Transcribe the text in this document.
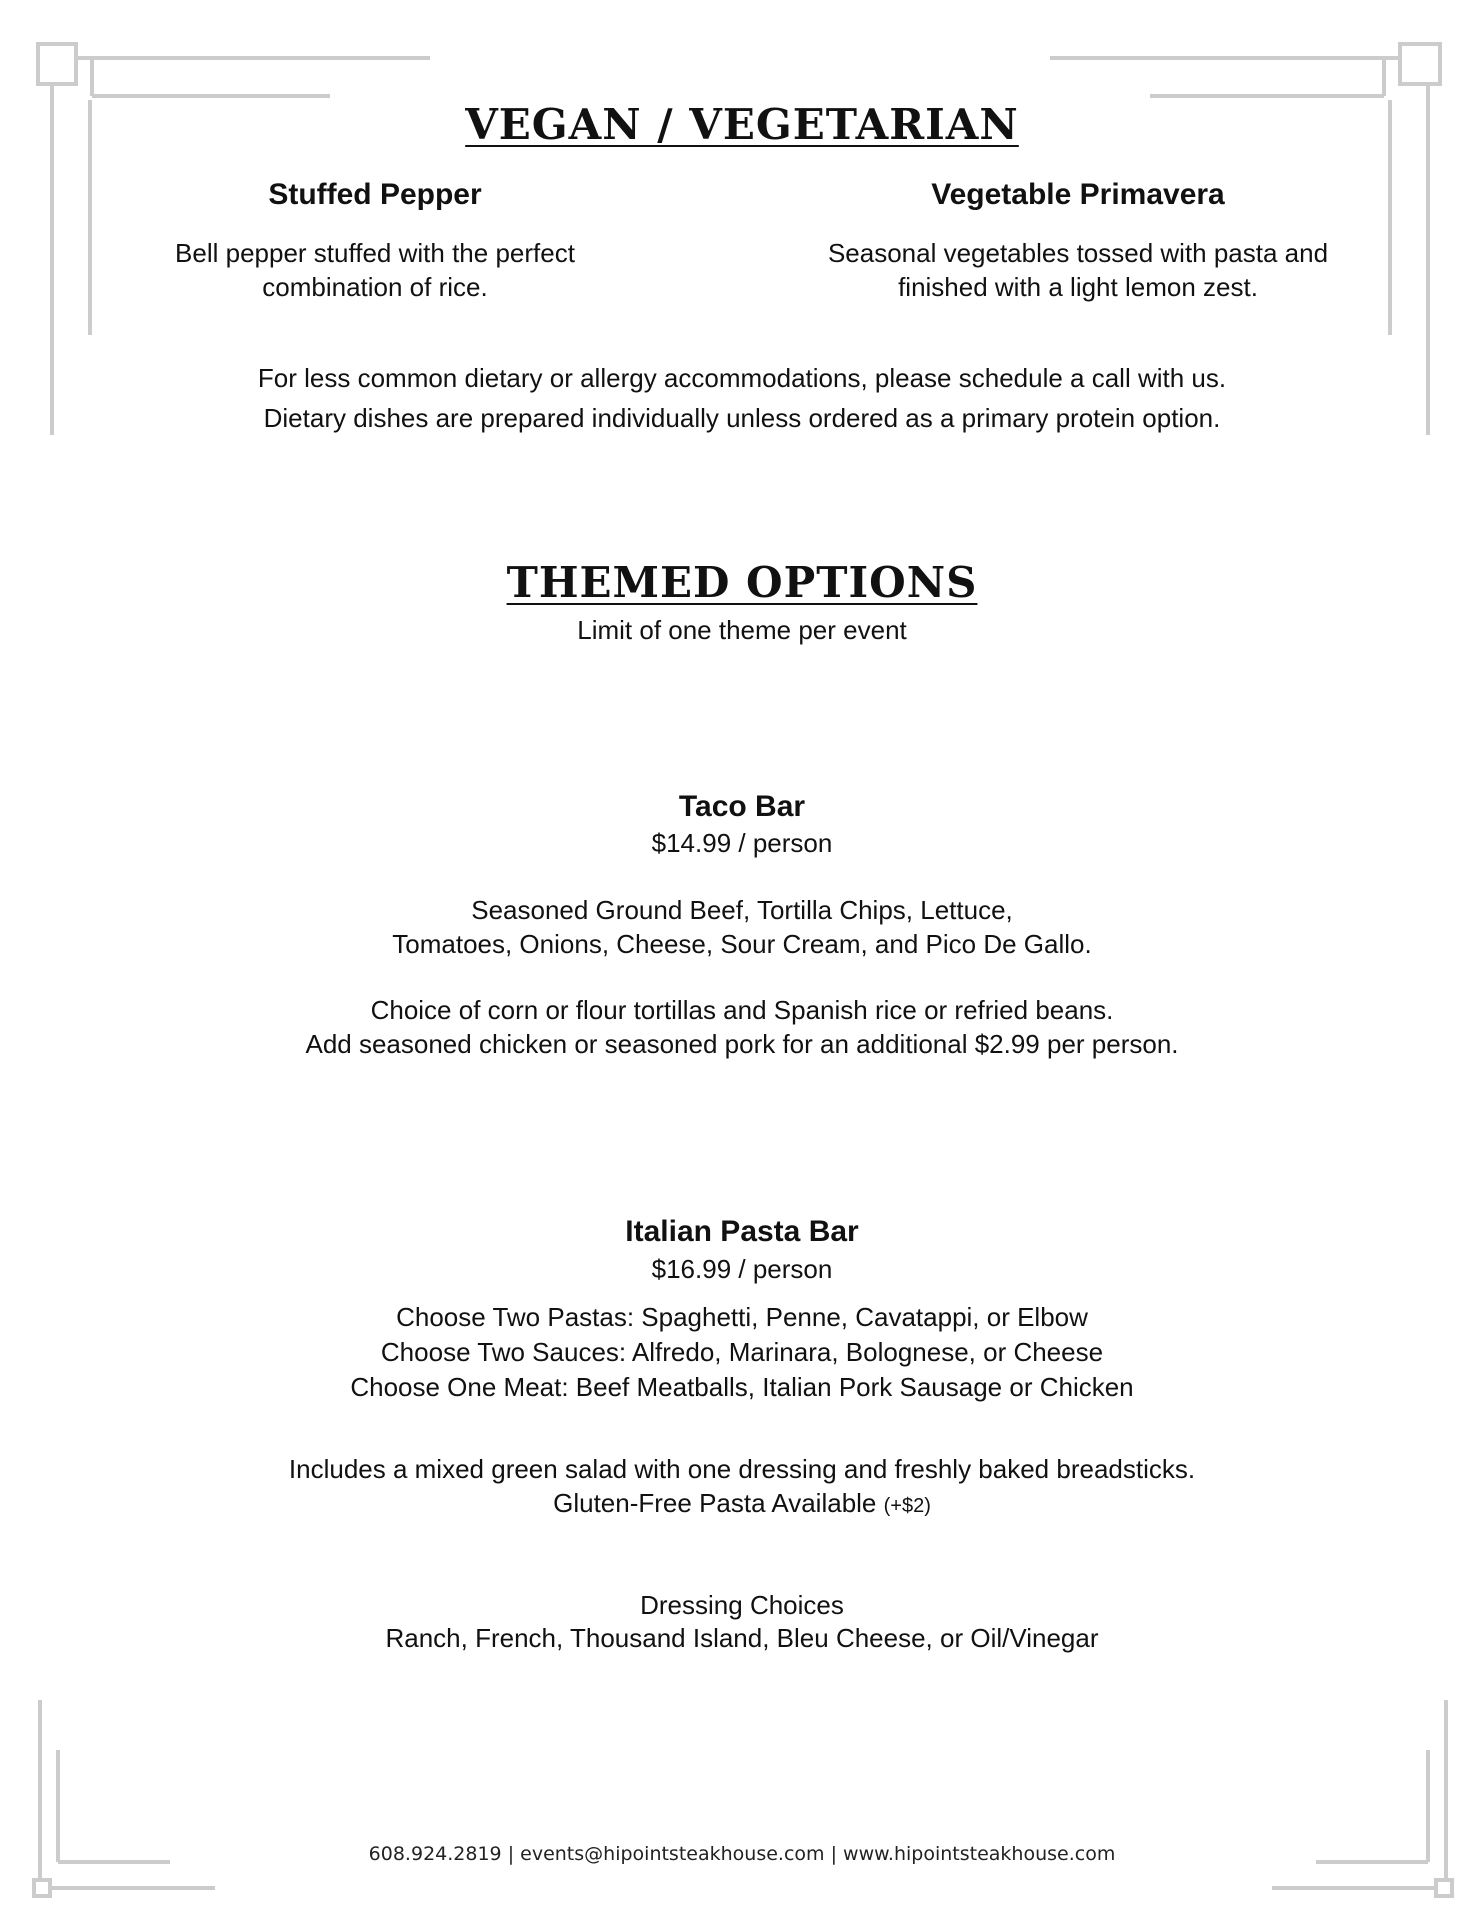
VEGAN / VEGETARIAN
Stuffed Pepper
Bell pepper stuffed with the perfect
combination of rice.
Vegetable Primavera
Seasonal vegetables tossed with pasta and
finished with a light lemon zest.
For less common dietary or allergy accommodations, please schedule a call with us.
Dietary dishes are prepared individually unless ordered as a primary protein option.
THEMED OPTIONS
Limit of one theme per event
Taco Bar
$14.99 / person
Seasoned Ground Beef, Tortilla Chips, Lettuce,
Tomatoes, Onions, Cheese, Sour Cream, and Pico De Gallo.
Choice of corn or flour tortillas and Spanish rice or refried beans.
Add seasoned chicken or seasoned pork for an additional $2.99 per person.
Italian Pasta Bar
$16.99 / person
Choose Two Pastas: Spaghetti, Penne, Cavatappi, or Elbow
Choose Two Sauces: Alfredo, Marinara, Bolognese, or Cheese
Choose One Meat: Beef Meatballs, Italian Pork Sausage or Chicken
Includes a mixed green salad with one dressing and freshly baked breadsticks.
Gluten-Free Pasta Available (+$2)
Dressing Choices
Ranch, French, Thousand Island, Bleu Cheese, or Oil/Vinegar
608.924.2819 | events@hipointsteakhouse.com | www.hipointsteakhouse.com
